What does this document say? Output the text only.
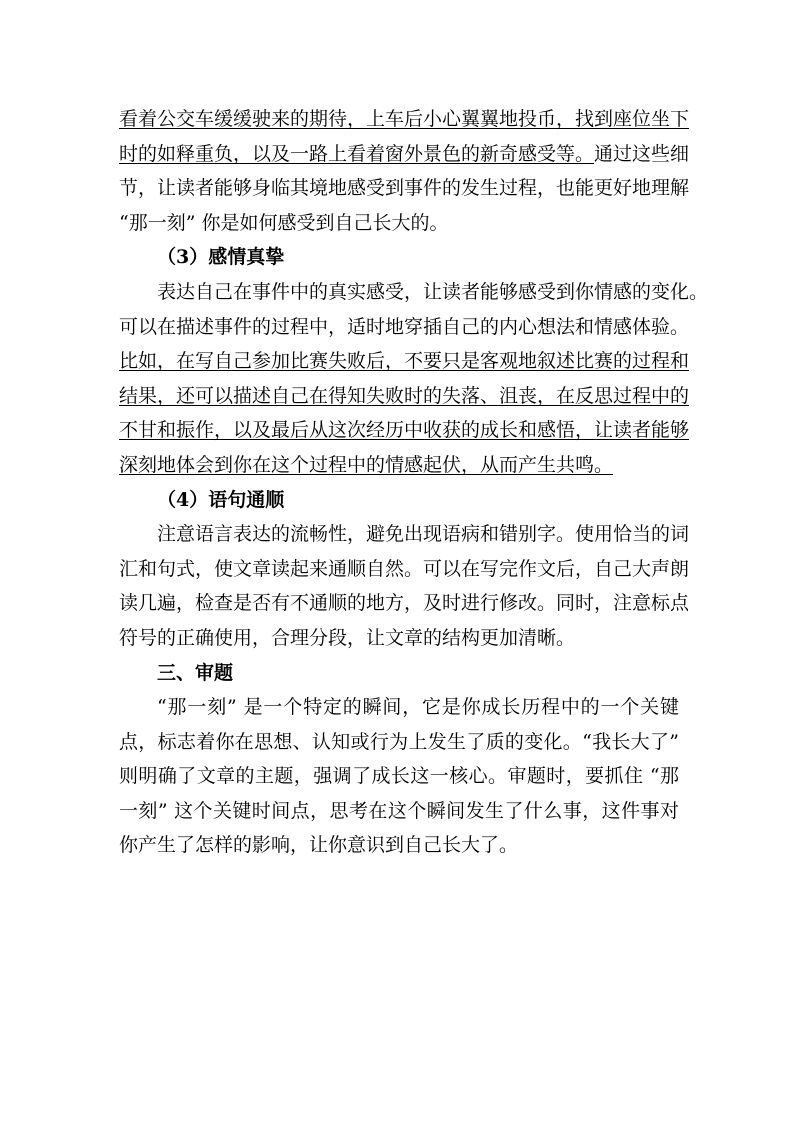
看着公交车缓缓驶来的期待，上车后小心翼翼地投币，找到座位坐下
时的如释重负，以及一路上看着窗外景色的新奇感受等。通过这些细
节，让读者能够身临其境地感受到事件的发生过程，也能更好地理解
“那一刻” 你是如何感受到自己长大的。
（3）感情真挚
表达自己在事件中的真实感受，让读者能够感受到你情感的变化。
可以在描述事件的过程中，适时地穿插自己的内心想法和情感体验。
比如，在写自己参加比赛失败后，不要只是客观地叙述比赛的过程和
结果，还可以描述自己在得知失败时的失落、沮丧，在反思过程中的
不甘和振作，以及最后从这次经历中收获的成长和感悟，让读者能够
深刻地体会到你在这个过程中的情感起伏，从而产生共鸣。
（4）语句通顺
注意语言表达的流畅性，避免出现语病和错别字。使用恰当的词
汇和句式，使文章读起来通顺自然。可以在写完作文后，自己大声朗
读几遍，检查是否有不通顺的地方，及时进行修改。同时，注意标点
符号的正确使用，合理分段，让文章的结构更加清晰。
三、审题
“那一刻” 是一个特定的瞬间，它是你成长历程中的一个关键
点，标志着你在思想、认知或行为上发生了质的变化。“我长大了”
则明确了文章的主题，强调了成长这一核心。审题时，要抓住 “那
一刻” 这个关键时间点，思考在这个瞬间发生了什么事，这件事对
你产生了怎样的影响，让你意识到自己长大了。
